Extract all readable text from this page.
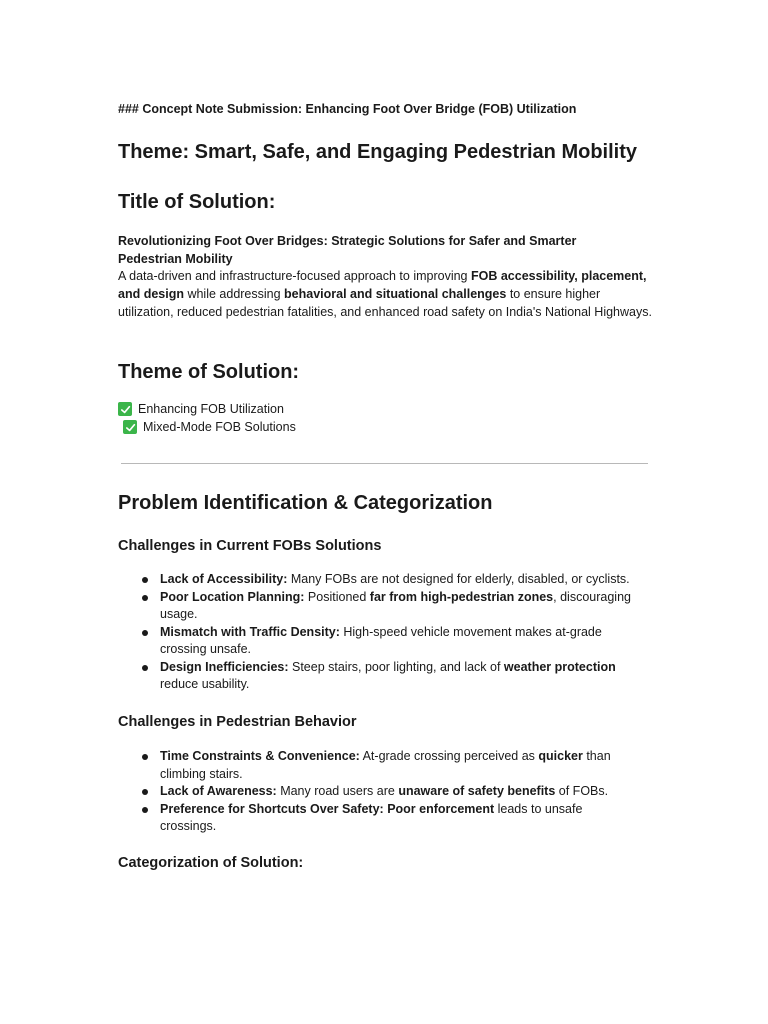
### Concept Note Submission: Enhancing Foot Over Bridge (FOB) Utilization
Theme: Smart, Safe, and Engaging Pedestrian Mobility
Title of Solution:
Revolutionizing Foot Over Bridges: Strategic Solutions for Safer and Smarter Pedestrian Mobility
A data-driven and infrastructure-focused approach to improving FOB accessibility, placement, and design while addressing behavioral and situational challenges to ensure higher utilization, reduced pedestrian fatalities, and enhanced road safety on India's National Highways.
Theme of Solution:
Enhancing FOB Utilization
Mixed-Mode FOB Solutions
Problem Identification & Categorization
Challenges in Current FOBs Solutions
Lack of Accessibility: Many FOBs are not designed for elderly, disabled, or cyclists.
Poor Location Planning: Positioned far from high-pedestrian zones, discouraging usage.
Mismatch with Traffic Density: High-speed vehicle movement makes at-grade crossing unsafe.
Design Inefficiencies: Steep stairs, poor lighting, and lack of weather protection reduce usability.
Challenges in Pedestrian Behavior
Time Constraints & Convenience: At-grade crossing perceived as quicker than climbing stairs.
Lack of Awareness: Many road users are unaware of safety benefits of FOBs.
Preference for Shortcuts Over Safety: Poor enforcement leads to unsafe crossings.
Categorization of Solution:
